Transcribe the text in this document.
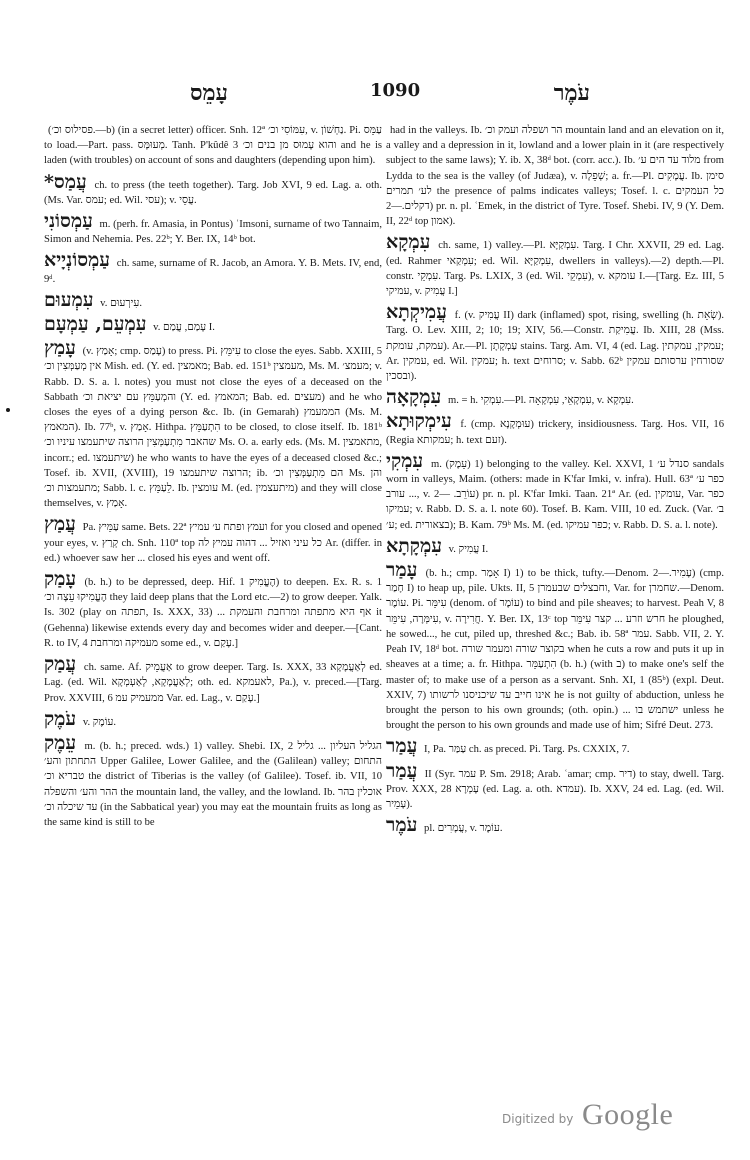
עָמֵס	1090	עֹמֶר

(פסילוס וכ׳.—b) (in a secret letter) officer. Snh. 12ª עִמּוֹסִי וכ׳, v. נַחְשׁוֹן. Pi. עַמֵּס to load.—Part. pass. מְעוּמָּס. Tanh. P'kûdê 3 והוא עָמוּס מן בנים וכ׳ and he is laden (with troubles) on account of sons and daughters (depending upon him).

עֲמַס* ch. to press (the teeth together). Targ. Job XVI, 9 ed. Lag. a. oth. (Ms. Var. עמס; ed. Wil. עסי); v. עֲסֵי.

עַמְסוֹנִי m. (perh. fr. Amasia, in Pontus) ʿImsoni, surname of two Tannaim, Simon and Nehemia. Pes. 22ᵇ; Y. Ber. IX, 14ᵇ bot.

עַמְסוֹנְיָיא ch. same, surname of R. Jacob, an Amora. Y. B. Mets. IV, end, 9ᵈ.

עִמְעוּם v. עִירְעוּם.

עִמְעֵם, עַמְעָם v. עָמַם, עֲמַם I.

עָמַץ (v. אָמַץ; cmp. עָמַס) to press. Pi. עִימֵּץ to close the eyes. Sabb. XXIII, 5 אין מְעַמְּצִין וכ׳ Mish. ed. (Y. ed. מאמצין; Bab. ed. 151ᵇ מעמצין, Ms. M. מעמצ׳; v. Rabb. D. S. a. l. notes) you must not close the eyes of a deceased on the Sabbath והמְעַמֵּץ עם יציאת וכ׳ (Y. ed. המאמץ; Bab. ed. מעצים) and he who closes the eyes of a dying person &c. Ib. (in Gemarah) הממעמץ (Ms. M. המאמץ). Ib. 77ᵇ, v. אָמַץ. Hithpa. הִתְעַמֵּץ to be closed, to close itself. Ib. 181ᵇ שהאבר מִתְעַמְּצִין הרוצה שיתעמצו עיניו וכ׳ Ms. O. a. early eds. (Ms. M. מתאמצין, incorr.; ed. שיתעמצו) he who wants to have the eyes of a deceased closed &c.; Tosef. ib. XVII, (XVIII), 19 הרוצה שיתעמצו; ib. הם מִתְעַמְּצִין וכ׳ Ms. והן מתעמצות וכ׳; Sabb. l. c. לֵעַמֵּץ. Ib. עומצין M. (ed. מיתעצמין) and they will close themselves, v. אָמַץ.

עֲמַץ Pa. עַמֵּיץ same. Bets. 22ª ועמץ ופתח ע׳ עמיץ for you closed and opened your eyes, v. קְרַץ ch. Snh. 110ª top כל עיני ואזיל ... דהוה עמיץ לה Ar. (differ. in ed.) whoever saw her ... closed his eyes and went off.

עָמַק (b. h.) to be depressed, deep. Hif. הֶעֱמִיק 1) to deepen. Ex. R. s. 1 הֶעֱמִיקוּ עֵצָה וכ׳ they laid deep plans that the Lord etc.—2) to grow deeper. Yalk. Is. 302 (play on תפתה, Is. XXX, 33) ... אף היא מתפתה ומרחבת והעמקת it (Gehenna) likewise extends every day and becomes wider and deeper.—[Cant. R. to IV, 4 מעמיקה ומרחבת some ed., v. עָקַם.]

עֲמַק ch. same. Af. אַעֲמֵיק to grow deeper. Targ. Is. XXX, 33 לְאַעֲמָקָא ed. Lag. (ed. Wil. לְאַעֲמָקָא, לְאַעְמְקָא; oth. ed. לאעמקא, Pa.), v. preced.—[Targ. Prov. XXVIII, 6 ממעמיק עמ Var. ed. Lag., v. עָקַם.]

עֹמֶק v. עוֹמֶק.

עֵמֶק m. (b. h.; preced. wds.) 1) valley. Shebi. IX, 2 הגליל העליון ... גליל התחתון והע׳ Upper Galilee, Lower Galilee, and the (Galilean) valley; התחום טבריא וכ׳ the district of Tiberias is the valley (of Galilee). Tosef. ib. VII, 10 ההר והע׳ והשפלה the mountain land, the valley, and the lowland. Ib. אוכלין בהר עד שיכלה וכ׳ (in the Sabbatical year) you may eat the mountain fruits as long as the same kind is still to be

had in the valleys. Ib. הר ושפלה ועמק וכ׳ mountain land and an elevation on it, a valley and a depression in it, lowland and a lower plain in it (are respectively subject to the same laws); Y. ib. X, 38ᵈ bot. (corr. acc.). Ib. מלוד עד הים ע׳ from Lydda to the sea is the valley (of Judæa), v. שְׁפֵלָה; a. fr.—Pl. עֲמָקִים. Ib. סימן לע׳ תמרים the presence of palms indicates valleys; Tosef. l. c. כל העמקים דקלים.—2) pr. n. pl. ʿEmek, in the district of Tyre. Tosef. Shebi. IV, 9 (Y. Dem. II, 22ᵈ top אמון).

עִמְקָא ch. same, 1) valley.—Pl. עִמְקַיָּא. Targ. I Chr. XXVII, 29 ed. Lag. (ed. Rahmer עִמְקַאי; ed. Wil. עִמְקַיָּא, dwellers in valleys).—2) depth.—Pl. constr. עִמְקֵי. Targ. Ps. LXIX, 3 (ed. Wil. עִמְקֵי), v. עומקא I.—[Targ. Ez. III, 5 עמיקי, v. עֲמִיק I.]

עֲמִיקְתָא f. (v. עֲמִיק II) dark (inflamed) spot, rising, swelling (h. שְׂאֵת). Targ. O. Lev. XIII, 2; 10; 19; XIV, 56.—Constr. עֲמִיקַת. Ib. XIII, 28 (Mss. עמקת, עומקת). Ar.—Pl. עַמְקָתָן stains. Targ. Am. VI, 4 (ed. Lag. עמקין, עמקתין; Ar. עמקין, ed. Wil. עמקין; h. text סרוחים; v. Sabb. 62ᵇ שסורחין ערסותם עמקין ובסכין).

עִמְקָאָה m. = h. עִמְקִי.—Pl. עִמְקָאֵי, עִמְקָאָה, v. עִמְקָא.

עִימְקוּתָא f. (cmp. עוּמְקָנָא) trickery, insidiousness. Targ. Hos. VII, 16 (Regia עמקותא; h. text זעם).

עִמְקִי m. (עֵמֶק) 1) belonging to the valley. Kel. XXVI, 1 סנדל ע׳ sandals worn in valleys, Maim. (others: made in K'far Imki, v. infra). Hull. 63ª כפר ע׳ ... עורב, v. עוֹרֵב. —2) pr. n. pl. K'far Imki. Taan. 21ª Ar. (ed. עומקין, Var. כפר עמיקו; v. Rabb. D. S. a. l. note 60). Tosef. B. Kam. VIII, 10 ed. Zuck. (Var. ב׳ ע׳; ed. בצאורית); B. Kam. 79ᵇ Ms. M. (ed. כפר עמיקו; v. Rabb. D. S. a. l. note).

עִמְקָתָא v. עֲמִיק I.

עָמַר (b. h.; cmp. אָמַר I) 1) to be thick, tufty.—Denom. עָמִיר.—2) (cmp. חָמַר I) to heap up, pile. Ukts. II, 5 וחבצלים שבעמרן, Var. for שחמרן.—Denom. עוֹמֶר. Pi. עִימֵּר (denom. of עוֹמֶר) to bind and pile sheaves; to harvest. Peah V, 8 עִימְּרָה, עִימֵּר, v. חֲרִירָה. Y. Ber. IX, 13ᶜ top חרש וזרע ... קצר עִימֵּר he ploughed, he sowed..., he cut, piled up, threshed &c.; Bab. ib. 58ª עמר. Sabb. VII, 2. Y. Peah IV, 18ᵈ bot. בקוצר שורה ומעמר שורה when he cuts a row and puts it up in sheaves at a time; a. fr. Hithpa. הִתְעַמֵּר (b. h.) (with ב) to make one's self the master of; to make use of a person as a servant. Snh. XI, 1 (85ᵇ) (expl. Deut. XXIV, 7) אינו חייב עד שיכניסנו לרשותו he is not guilty of abduction, unless he brought the person to his own grounds; (oth. opin.) ... ישתמש בו unless he brought the person to his own grounds and made use of him; Sifré Deut. 273.

עֲמַר I, Pa. עַמַּר ch. as preced. Pi. Targ. Ps. CXXIX, 7.

עֲמַר II (Syr. עמר P. Sm. 2918; Arab. ʿamar; cmp. דיר) to stay, dwell. Targ. Prov. XXX, 28 עָמְרָא (ed. Lag. a. oth. עמדא). Ib. XXV, 24 ed. Lag. (ed. Wil. עָמֵיר).

עֹמֶר pl. עֲמָרִים, v. עוֹמֶר.

Digitized by Google
